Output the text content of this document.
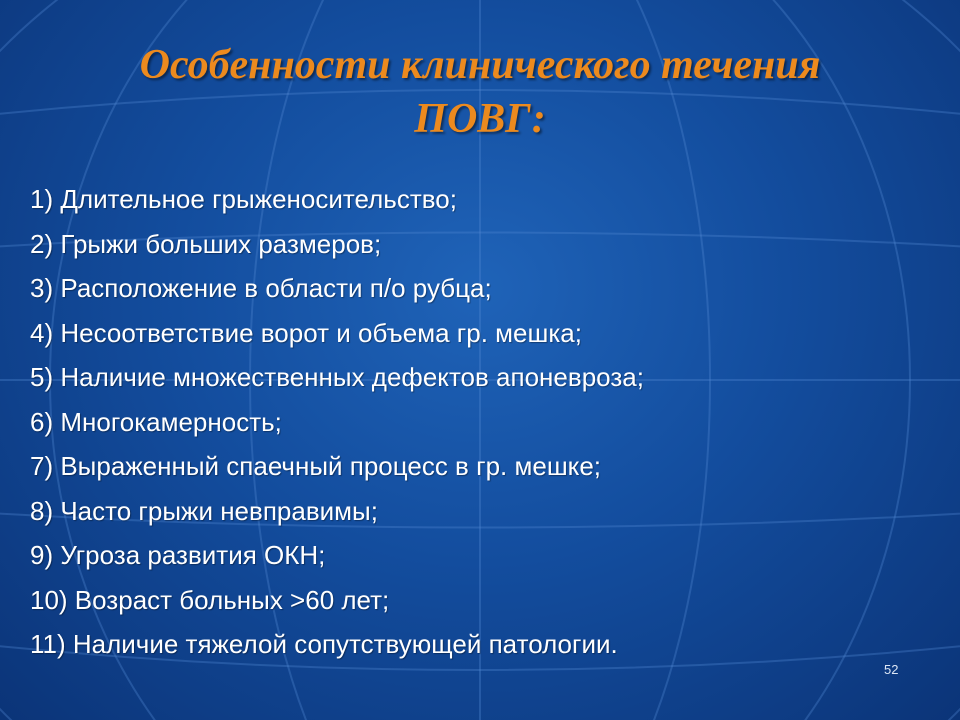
Особенности клинического течения
ПОВГ:
1) Длительное грыженосительство;
2) Грыжи больших размеров;
3) Расположение в области п/о рубца;
4) Несоответствие ворот и объема гр. мешка;
5) Наличие множественных дефектов апоневроза;
6) Многокамерность;
7) Выраженный спаечный процесс в гр. мешке;
8) Часто грыжи невправимы;
9) Угроза развития ОКН;
10) Возраст больных >60 лет;
11) Наличие тяжелой сопутствующей патологии.
52
